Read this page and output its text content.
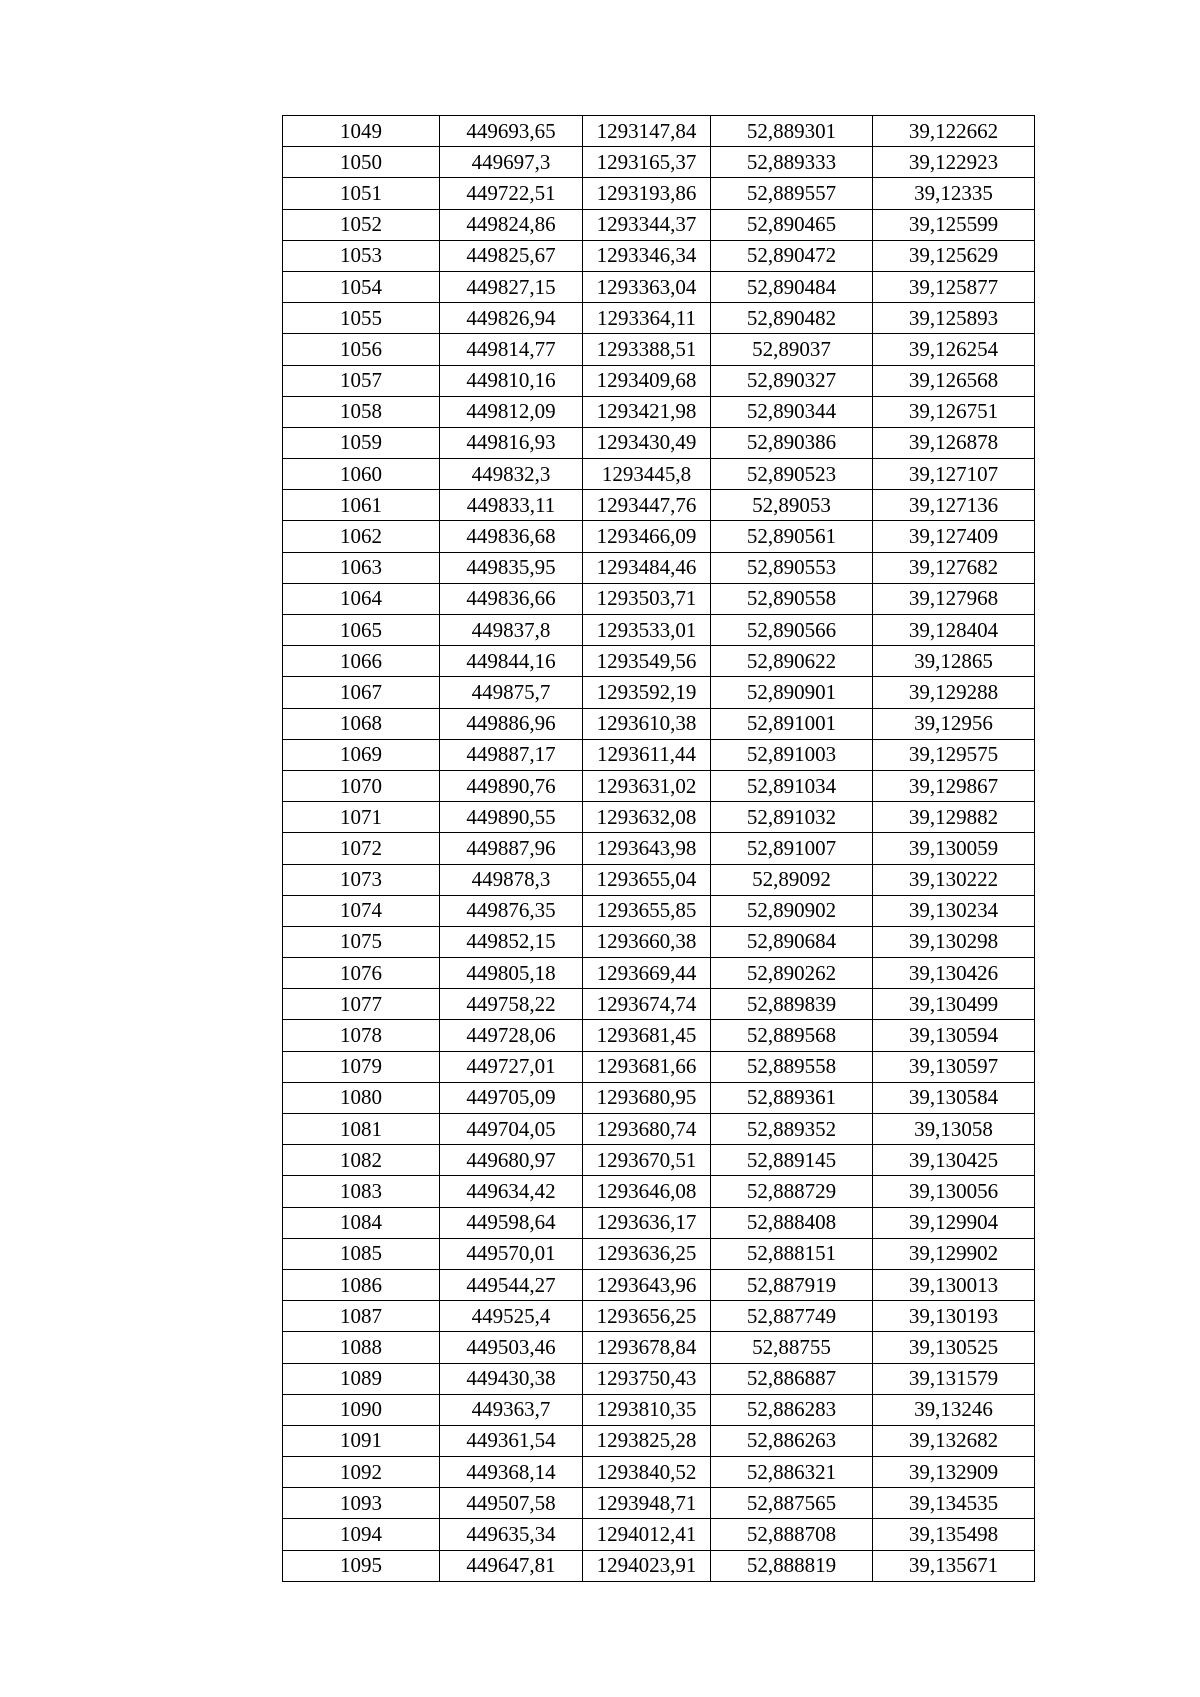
1049	449693,65	1293147,84	52,889301	39,122662
1050	449697,3	1293165,37	52,889333	39,122923
1051	449722,51	1293193,86	52,889557	39,12335
1052	449824,86	1293344,37	52,890465	39,125599
1053	449825,67	1293346,34	52,890472	39,125629
1054	449827,15	1293363,04	52,890484	39,125877
1055	449826,94	1293364,11	52,890482	39,125893
1056	449814,77	1293388,51	52,89037	39,126254
1057	449810,16	1293409,68	52,890327	39,126568
1058	449812,09	1293421,98	52,890344	39,126751
1059	449816,93	1293430,49	52,890386	39,126878
1060	449832,3	1293445,8	52,890523	39,127107
1061	449833,11	1293447,76	52,89053	39,127136
1062	449836,68	1293466,09	52,890561	39,127409
1063	449835,95	1293484,46	52,890553	39,127682
1064	449836,66	1293503,71	52,890558	39,127968
1065	449837,8	1293533,01	52,890566	39,128404
1066	449844,16	1293549,56	52,890622	39,12865
1067	449875,7	1293592,19	52,890901	39,129288
1068	449886,96	1293610,38	52,891001	39,12956
1069	449887,17	1293611,44	52,891003	39,129575
1070	449890,76	1293631,02	52,891034	39,129867
1071	449890,55	1293632,08	52,891032	39,129882
1072	449887,96	1293643,98	52,891007	39,130059
1073	449878,3	1293655,04	52,89092	39,130222
1074	449876,35	1293655,85	52,890902	39,130234
1075	449852,15	1293660,38	52,890684	39,130298
1076	449805,18	1293669,44	52,890262	39,130426
1077	449758,22	1293674,74	52,889839	39,130499
1078	449728,06	1293681,45	52,889568	39,130594
1079	449727,01	1293681,66	52,889558	39,130597
1080	449705,09	1293680,95	52,889361	39,130584
1081	449704,05	1293680,74	52,889352	39,13058
1082	449680,97	1293670,51	52,889145	39,130425
1083	449634,42	1293646,08	52,888729	39,130056
1084	449598,64	1293636,17	52,888408	39,129904
1085	449570,01	1293636,25	52,888151	39,129902
1086	449544,27	1293643,96	52,887919	39,130013
1087	449525,4	1293656,25	52,887749	39,130193
1088	449503,46	1293678,84	52,88755	39,130525
1089	449430,38	1293750,43	52,886887	39,131579
1090	449363,7	1293810,35	52,886283	39,13246
1091	449361,54	1293825,28	52,886263	39,132682
1092	449368,14	1293840,52	52,886321	39,132909
1093	449507,58	1293948,71	52,887565	39,134535
1094	449635,34	1294012,41	52,888708	39,135498
1095	449647,81	1294023,91	52,888819	39,135671
